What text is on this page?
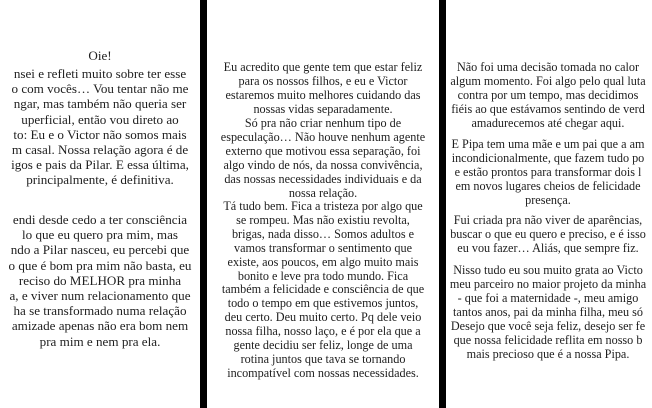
Oie!
nsei e refleti muito sobre ter esse
o com vocês… Vou tentar não me
ngar, mas também não queria ser
uperficial, então vou direto ao
to: Eu e o Victor não somos mais
m casal. Nossa relação agora é de
igos e pais da Pilar. E essa última,
principalmente, é definitiva.
endi desde cedo a ter consciência
lo que eu quero pra mim, mas
ndo a Pilar nasceu, eu percebi que
o que é bom pra mim não basta, eu
reciso do MELHOR pra minha
a, e viver num relacionamento que
ha se transformado numa relação
amizade apenas não era bom nem
pra mim e nem pra ela.
Eu acredito que gente tem que estar feliz
para os nossos filhos, e eu e Victor
estaremos muito melhores cuidando das
nossas vidas separadamente.
Só pra não criar nenhum tipo de
especulação… Não houve nenhum agente
externo que motivou essa separação, foi
algo vindo de nós, da nossa convivência,
das nossas necessidades individuais e da
nossa relação.
Tá tudo bem. Fica a tristeza por algo que
se rompeu. Mas não existiu revolta,
brigas, nada disso… Somos adultos e
vamos transformar o sentimento que
existe, aos poucos, em algo muito mais
bonito e leve pra todo mundo. Fica
também a felicidade e consciência de que
todo o tempo em que estivemos juntos,
deu certo. Deu muito certo. Pq dele veio
nossa filha, nosso laço, e é por ela que a
gente decidiu ser feliz, longe de uma
rotina juntos que tava se tornando
incompatível com nossas necessidades.
Não foi uma decisão tomada no calor
algum momento. Foi algo pelo qual luta
contra por um tempo, mas decidimos
fiéis ao que estávamos sentindo de verd
amadurecemos até chegar aqui.
E Pipa tem uma mãe e um pai que a am
incondicionalmente, que fazem tudo po
e estão prontos para transformar dois l
em novos lugares cheios de felicidade
presença.
Fui criada pra não viver de aparências,
buscar o que eu quero e preciso, e é isso
eu vou fazer… Aliás, que sempre fiz.
Nisso tudo eu sou muito grata ao Victo
meu parceiro no maior projeto da minha
- que foi a maternidade -, meu amigo
tantos anos, pai da minha filha, meu só
Desejo que você seja feliz, desejo ser fe
que nossa felicidade reflita em nosso b
mais precioso que é a nossa Pipa.
